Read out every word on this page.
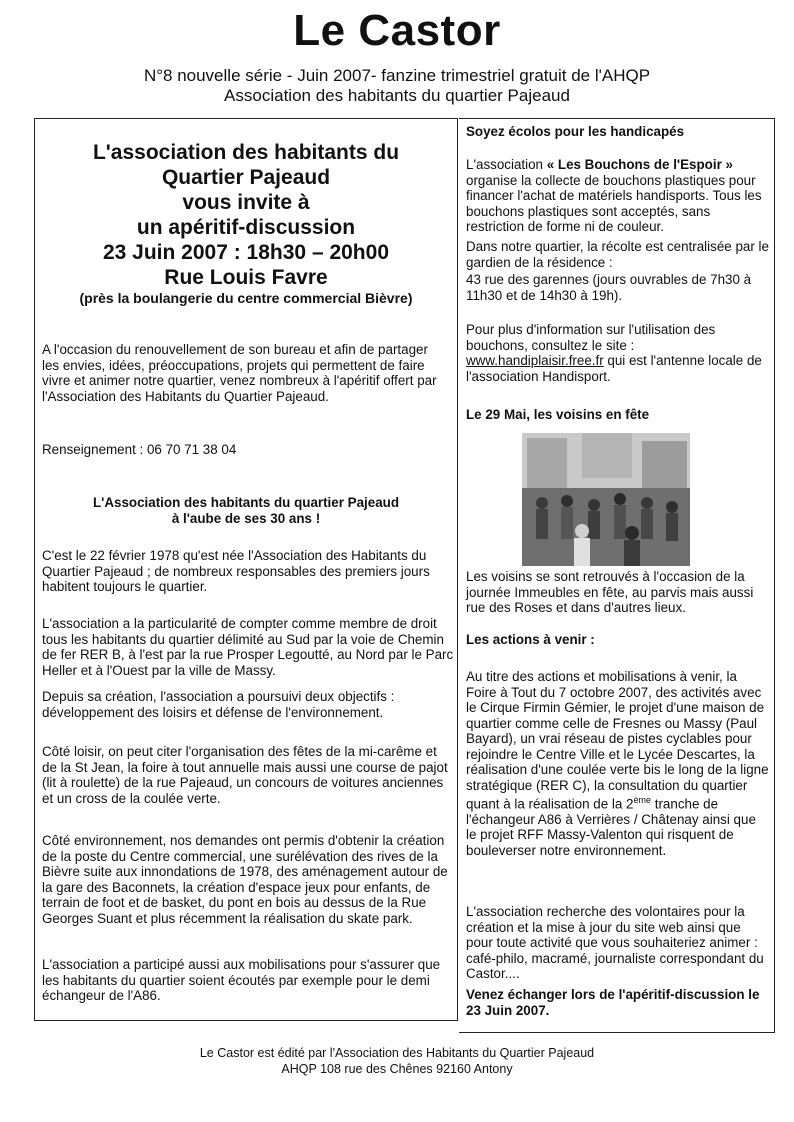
Le Castor
N°8 nouvelle série - Juin 2007- fanzine trimestriel gratuit de l'AHQP
Association des habitants du quartier Pajeaud
L'association des habitants du
Quartier Pajeaud
vous invite à
un apéritif-discussion
23 Juin 2007 : 18h30 – 20h00
Rue Louis Favre
(près la boulangerie du centre commercial Bièvre)
A l'occasion du renouvellement de son bureau et afin de partager les envies, idées, préoccupations, projets qui permettent de faire vivre et animer notre quartier, venez nombreux à l'apéritif offert par l'Association des Habitants du Quartier Pajeaud.
Renseignement : 06 70 71 38 04
L'Association des habitants du quartier Pajeaud
à l'aube de ses 30 ans !
C'est le 22 février 1978 qu'est née l'Association des Habitants du Quartier Pajeaud ; de nombreux responsables des premiers jours habitent toujours le quartier.
L'association a la particularité de compter comme membre de droit tous les habitants du quartier délimité au Sud par la voie de Chemin de fer RER B, à l'est par la rue Prosper Legoutté, au Nord par le Parc Heller et à l'Ouest par la ville de Massy.
Depuis sa création, l'association a poursuivi deux objectifs : développement des loisirs et défense de l'environnement.
Côté loisir, on peut citer l'organisation des fêtes de la mi-carême et de la St Jean, la foire à tout annuelle mais aussi une course de pajot (lit à roulette) de la rue Pajeaud, un concours de voitures anciennes et un cross de la coulée verte.
Côté environnement, nos demandes ont permis d'obtenir la création de la poste du Centre commercial, une surélévation des rives de la Bièvre suite aux innondations de 1978, des aménagement autour de la gare des Baconnets, la création d'espace jeux pour enfants, de terrain de foot et de basket, du pont en bois au dessus de la Rue Georges Suant et plus récemment la réalisation du skate park.
L'association a participé aussi aux mobilisations pour s'assurer que les habitants du quartier soient écoutés par exemple pour le demi échangeur de l'A86.
Soyez écolos pour les handicapés
L'association « Les Bouchons de l'Espoir » organise la collecte de bouchons plastiques pour financer l'achat de matériels handisports. Tous les bouchons plastiques sont acceptés, sans restriction de forme ni de couleur.
Dans notre quartier, la récolte est centralisée par le gardien de la résidence :
43 rue des garennes (jours ouvrables de 7h30 à 11h30 et de 14h30 à 19h).
Pour plus d'information sur l'utilisation des bouchons, consultez le site : www.handiplaisir.free.fr qui est l'antenne locale de l'association Handisport.
Le 29 Mai, les voisins en fête
Les voisins se sont retrouvés à l'occasion de la journée Immeubles en fête, au parvis mais aussi rue des Roses et dans d'autres lieux.
Les actions à venir :
Au titre des actions et mobilisations à venir, la Foire à Tout du 7 octobre 2007, des activités avec le Cirque Firmin Gémier, le projet d'une maison de quartier comme celle de Fresnes ou Massy (Paul Bayard), un vrai réseau de pistes cyclables pour rejoindre le Centre Ville et le Lycée Descartes, la réalisation d'une coulée verte bis le long de la ligne stratégique (RER C), la consultation du quartier quant à la réalisation de la 2ème tranche de l'échangeur A86 à Verrières / Châtenay ainsi que le projet RFF Massy-Valenton qui risquent de bouleverser notre environnement.
L'association recherche des volontaires pour la création et la mise à jour du site web ainsi que pour toute activité que vous souhaiteriez animer : café-philo, macramé, journaliste correspondant du Castor....
Venez échanger lors de l'apéritif-discussion le 23 Juin 2007.
Le Castor est édité par l'Association des Habitants du Quartier Pajeaud
AHQP 108 rue des Chênes 92160 Antony
